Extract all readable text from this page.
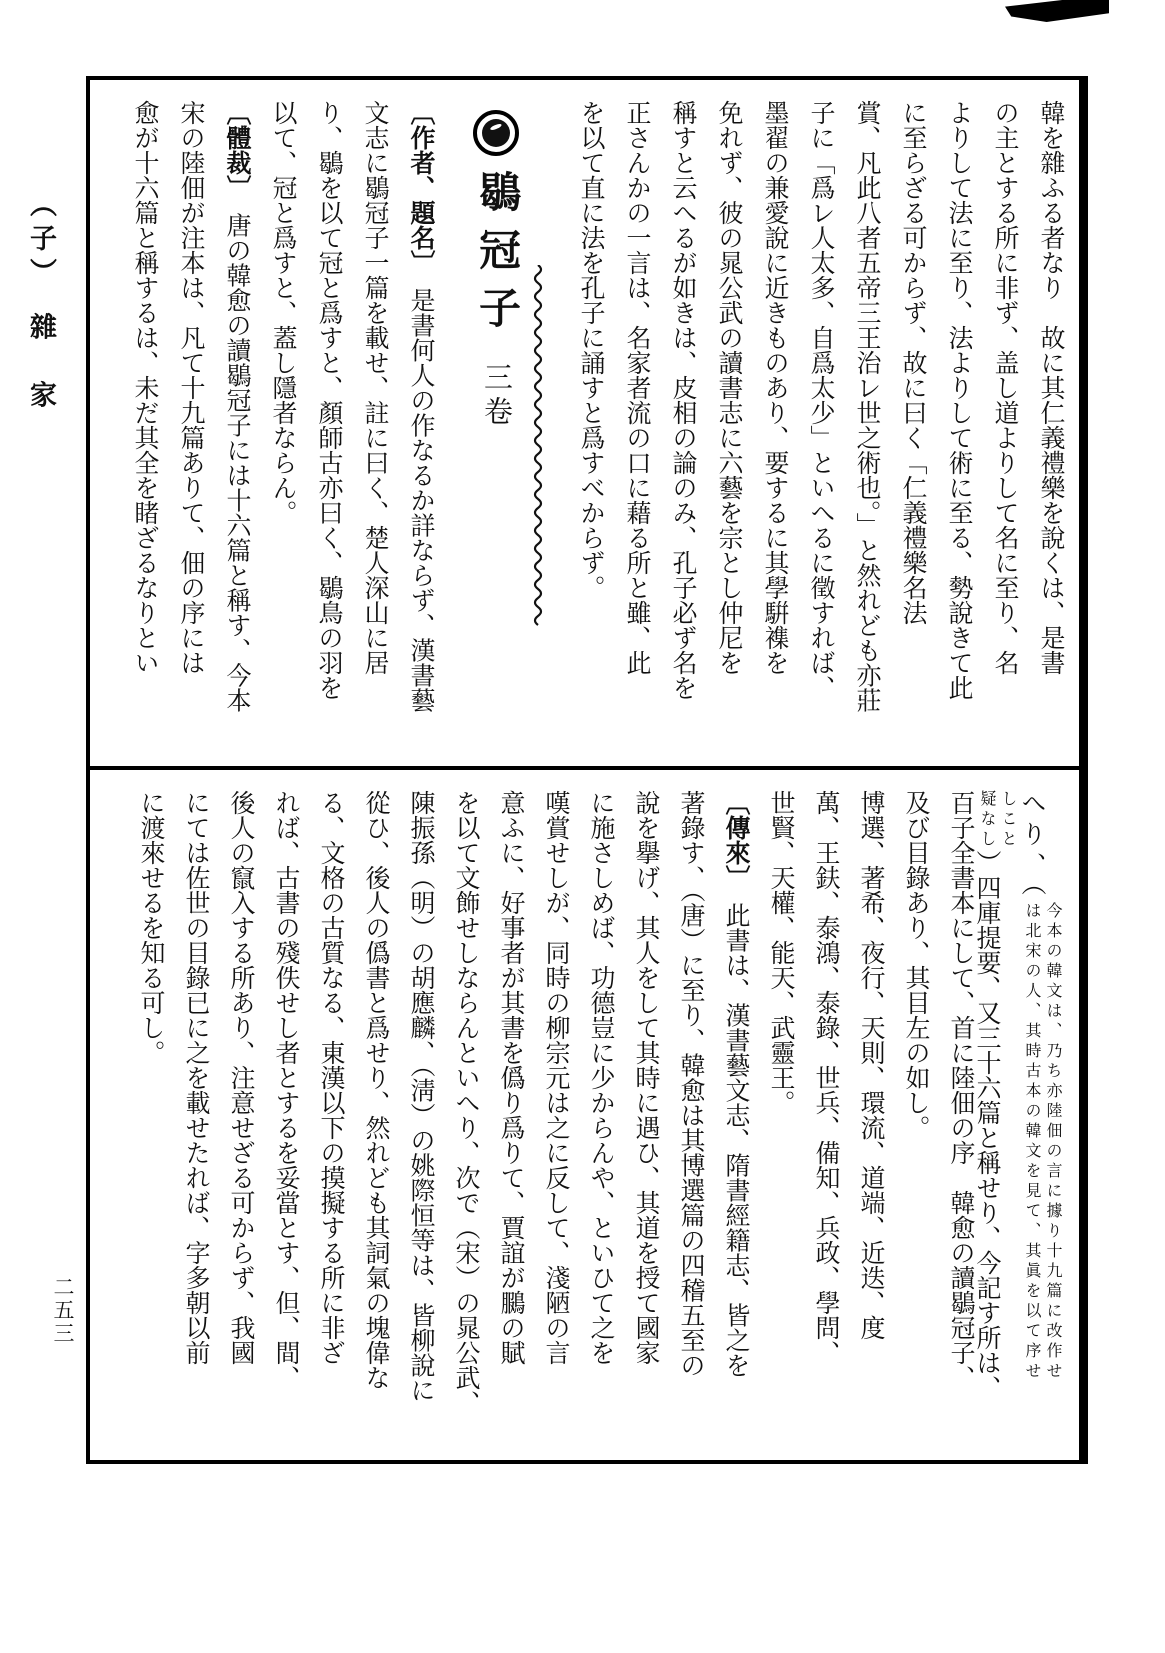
（子）　雜　家
二五三
韓を雜ふる者なり　故に其仁義禮樂を說くは、是書
の主とする所に非ず、盖し道よりして名に至り、名
よりして法に至り、法よりして術に至る、勢說きて此
に至らざる可からず、故に曰く「仁義禮樂名法
賞、凡此八者五帝三王治レ世之術也。」と然れども亦莊
子に「爲レ人太多、自爲太少」といへるに徵すれば、
墨翟の兼愛說に近きものあり、要するに其學騈襍を
免れず、彼の晁公武の讀書志に六藝を宗とし仲尼を
稱すと云へるが如きは、皮相の論のみ、孔子必ず名を
正さんかの一言は、名家者流の口に藉る所と雖、此
を以て直に法を孔子に誦すと爲すべからず。
鶡冠子三卷
〔作者、題名〕　是書何人の作なるか詳ならず、漢書藝
文志に鶡冠子一篇を載せ、註に曰く、楚人深山に居
り、鶡を以て冠と爲すと、顏師古亦曰く、鶡鳥の羽を
以て、冠と爲すと、蓋し隱者ならん。
〔體裁〕　唐の韓愈の讀鶡冠子には十六篇と稱す、今本
宋の陸佃が注本は、凡て十九篇ありて、佃の序には
愈が十六篇と稱するは、未だ其全を睹ざるなりとい
へり、（
今本の韓文は、乃ち亦陸佃の言に據り十九篇に改作せ
は北宋の人、其時古本の韓文を見て、其眞を以て序せ
しこと
疑なし
）四庫提要、又三十六篇と稱せり、今記す所は、
百子全書本にして、首に陸佃の序　韓愈の讀鶡冠子、
及び目錄あり、其目左の如し。
博選、著希、夜行、天則、環流、道端、近迭、度
萬、王鈇、泰鴻、泰錄、世兵、備知、兵政、學問、
世賢、天權、能天、武靈王。
〔傳來〕　此書は、漢書藝文志、隋書經籍志、皆之を
著錄す、（唐）に至り、韓愈は其博選篇の四稽五至の
說を擧げ、其人をして其時に遇ひ、其道を授て國家
に施さしめば、功德豈に少からんや、といひて之を
嘆賞せしが、同時の柳宗元は之に反して、淺陋の言
意ふに、好事者が其書を僞り爲りて、賈誼が鵩の賦
を以て文飾せしならんといへり、次で（宋）の晁公武、
陳振孫（明）の胡應麟、（淸）の姚際恒等は、皆柳說に
從ひ、後人の僞書と爲せり、然れども其詞氣の塊偉な
る、文格の古質なる、東漢以下の摸擬する所に非ざ
れば、古書の殘佚せし者とするを妥當とす、但、間、
後人の竄入する所あり、注意せざる可からず、我國
にては佐世の目錄已に之を載せたれば、字多朝以前
に渡來せるを知る可し。
